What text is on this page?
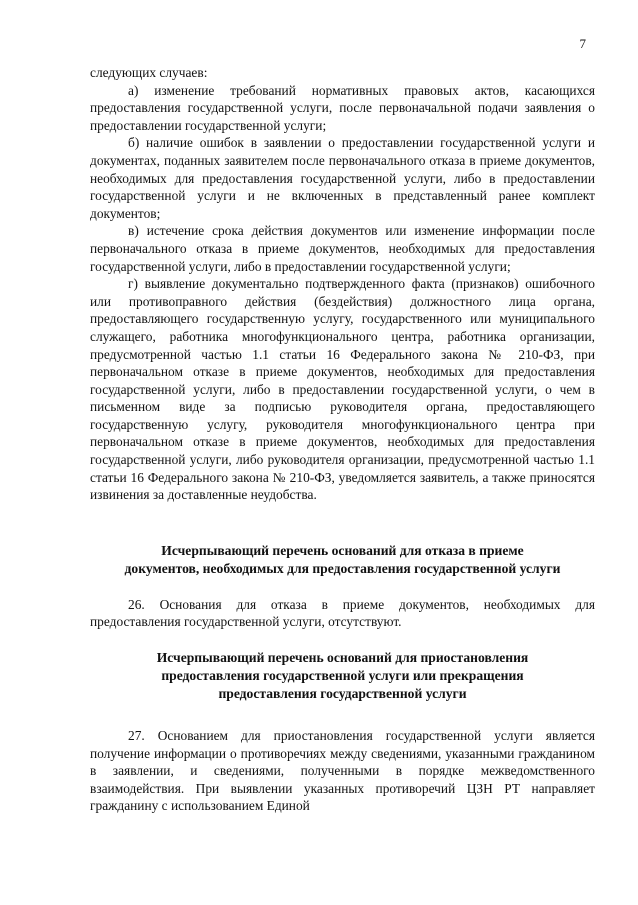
7

следующих случаев:

а) изменение требований нормативных правовых актов, касающихся предоставления государственной услуги, после первоначальной подачи заявления о предоставлении государственной услуги;

б) наличие ошибок в заявлении о предоставлении государственной услуги и документах, поданных заявителем после первоначального отказа в приеме документов, необходимых для предоставления государственной услуги, либо в предоставлении государственной услуги и не включенных в представленный ранее комплект документов;

в) истечение срока действия документов или изменение информации после первоначального отказа в приеме документов, необходимых для предоставления государственной услуги, либо в предоставлении государственной услуги;

г) выявление документально подтвержденного факта (признаков) ошибочного или противоправного действия (бездействия) должностного лица органа, предоставляющего государственную услугу, государственного или муниципального служащего, работника многофункционального центра, работника организации, предусмотренной частью 1.1 статьи 16 Федерального закона № 210-ФЗ, при первоначальном отказе в приеме документов, необходимых для предоставления государственной услуги, либо в предоставлении государственной услуги, о чем в письменном виде за подписью руководителя органа, предоставляющего государственную услугу, руководителя многофункционального центра при первоначальном отказе в приеме документов, необходимых для предоставления государственной услуги, либо руководителя организации, предусмотренной частью 1.1 статьи 16 Федерального закона № 210-ФЗ, уведомляется заявитель, а также приносятся извинения за доставленные неудобства.

Исчерпывающий перечень оснований для отказа в приеме

документов, необходимых для предоставления государственной услуги

26. Основания для отказа в приеме документов, необходимых для предоставления государственной услуги, отсутствуют.

Исчерпывающий перечень оснований для приостановления

предоставления государственной услуги или прекращения

предоставления государственной услуги

27. Основанием для приостановления государственной услуги является получение информации о противоречиях между сведениями, указанными гражданином в заявлении, и сведениями, полученными в порядке межведомственного взаимодействия. При выявлении указанных противоречий ЦЗН РТ направляет гражданину с использованием Единой
